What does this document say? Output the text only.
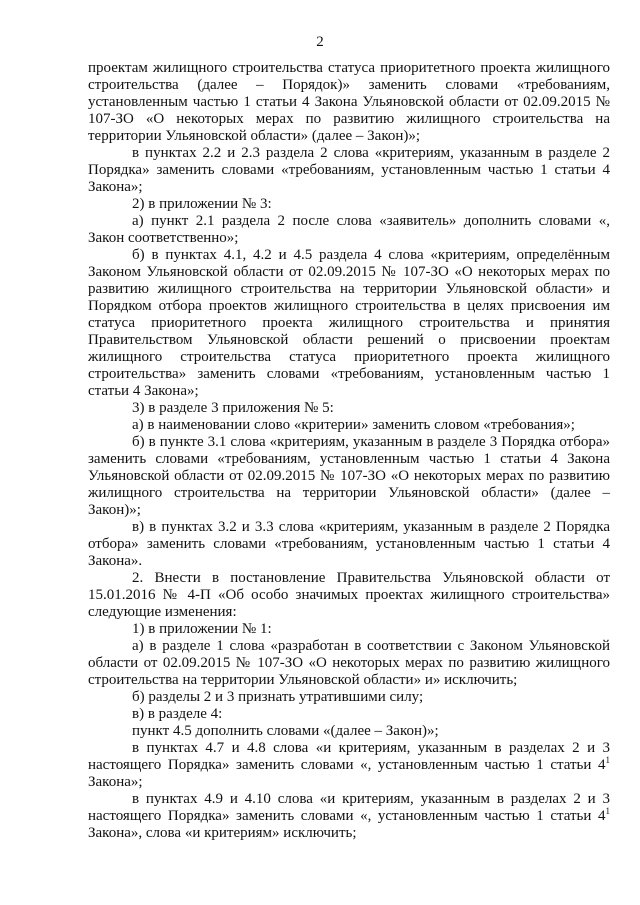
2

проектам жилищного строительства статуса приоритетного проекта жилищного строительства (далее – Порядок)» заменить словами «требованиям, установленным частью 1 статьи 4 Закона Ульяновской области от 02.09.2015 № 107-ЗО «О некоторых мерах по развитию жилищного строительства на территории Ульяновской области» (далее – Закон)»;

в пунктах 2.2 и 2.3 раздела 2 слова «критериям, указанным в разделе 2 Порядка» заменить словами «требованиям, установленным частью 1 статьи 4 Закона»;

2) в приложении № 3:

а) пункт 2.1 раздела 2 после слова «заявитель» дополнить словами «, Закон соответственно»;

б) в пунктах 4.1, 4.2 и 4.5 раздела 4 слова «критериям, определённым Законом Ульяновской области от 02.09.2015 № 107-ЗО «О некоторых мерах по развитию жилищного строительства на территории Ульяновской области» и Порядком отбора проектов жилищного строительства в целях присвоения им статуса приоритетного проекта жилищного строительства и принятия Правительством Ульяновской области решений о присвоении проектам жилищного строительства статуса приоритетного проекта жилищного строительства» заменить словами «требованиям, установленным частью 1 статьи 4 Закона»;

3) в разделе 3 приложения № 5:

а) в наименовании слово «критерии» заменить словом «требования»;

б) в пункте 3.1 слова «критериям, указанным в разделе 3 Порядка отбора» заменить словами «требованиям, установленным частью 1 статьи 4 Закона Ульяновской области от 02.09.2015 № 107-ЗО «О некоторых мерах по развитию жилищного строительства на территории Ульяновской области» (далее – Закон)»;

в) в пунктах 3.2 и 3.3 слова «критериям, указанным в разделе 2 Порядка отбора» заменить словами «требованиям, установленным частью 1 статьи 4 Закона».

2. Внести в постановление Правительства Ульяновской области от 15.01.2016 № 4-П «Об особо значимых проектах жилищного строительства» следующие изменения:

1) в приложении № 1:

а) в разделе 1 слова «разработан в соответствии с Законом Ульяновской области от 02.09.2015 № 107-ЗО «О некоторых мерах по развитию жилищного строительства на территории Ульяновской области» и» исключить;

б) разделы 2 и 3 признать утратившими силу;

в) в разделе 4:

пункт 4.5 дополнить словами «(далее – Закон)»;

в пунктах 4.7 и 4.8 слова «и критериям, указанным в разделах 2 и 3 настоящего Порядка» заменить словами «, установленным частью 1 статьи $4^1$ Закона»;

в пунктах 4.9 и 4.10 слова «и критериям, указанным в разделах 2 и 3 настоящего Порядка» заменить словами «, установленным частью 1 статьи $4^1$ Закона», слова «и критериям» исключить;
